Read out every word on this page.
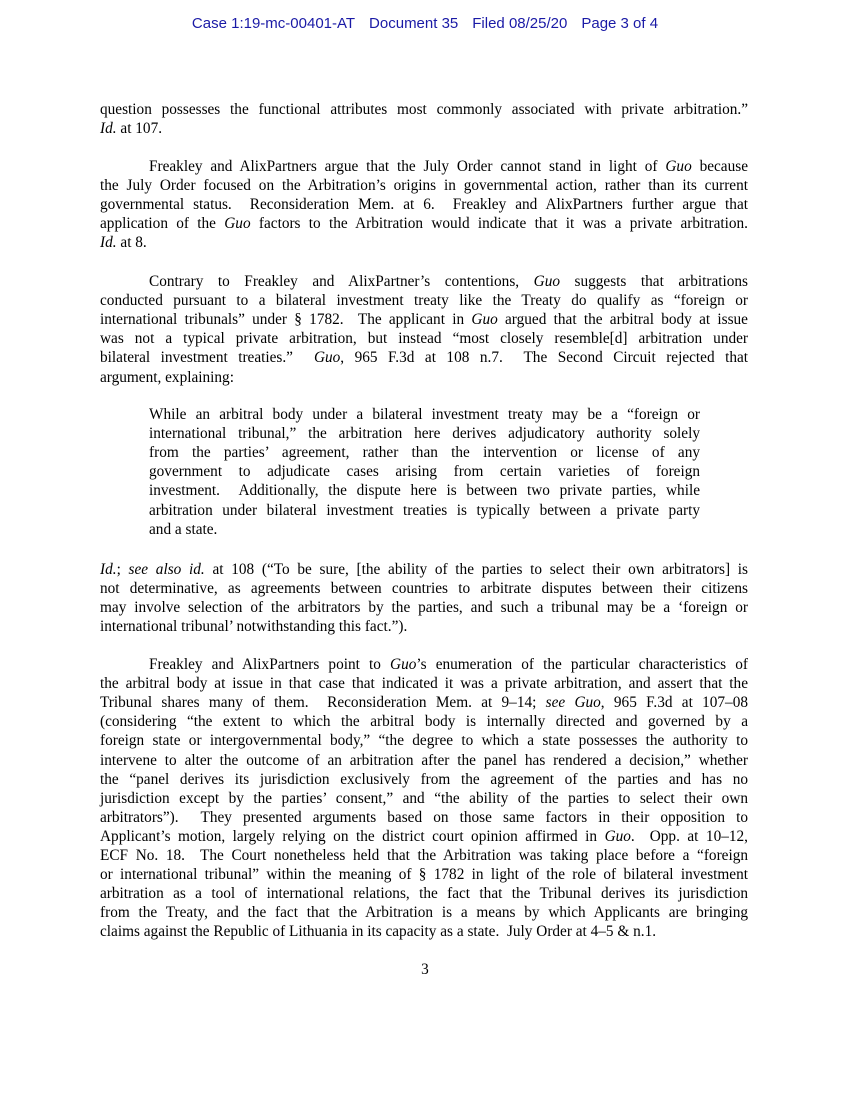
Case 1:19-mc-00401-AT Document 35 Filed 08/25/20 Page 3 of 4
question possesses the functional attributes most commonly associated with private arbitration.”
Id. at 107.
Freakley and AlixPartners argue that the July Order cannot stand in light of Guo because
the July Order focused on the Arbitration’s origins in governmental action, rather than its current
governmental status.  Reconsideration Mem. at 6.  Freakley and AlixPartners further argue that
application of the Guo factors to the Arbitration would indicate that it was a private arbitration.
Id. at 8.
Contrary to Freakley and AlixPartner’s contentions, Guo suggests that arbitrations
conducted pursuant to a bilateral investment treaty like the Treaty do qualify as “foreign or
international tribunals” under § 1782.  The applicant in Guo argued that the arbitral body at issue
was not a typical private arbitration, but instead “most closely resemble[d] arbitration under
bilateral investment treaties.”  Guo, 965 F.3d at 108 n.7.  The Second Circuit rejected that
argument, explaining:
While an arbitral body under a bilateral investment treaty may be a “foreign or
international tribunal,” the arbitration here derives adjudicatory authority solely
from the parties’ agreement, rather than the intervention or license of any
government to adjudicate cases arising from certain varieties of foreign
investment.  Additionally, the dispute here is between two private parties, while
arbitration under bilateral investment treaties is typically between a private party
and a state.
Id.; see also id. at 108 (“To be sure, [the ability of the parties to select their own arbitrators] is
not determinative, as agreements between countries to arbitrate disputes between their citizens
may involve selection of the arbitrators by the parties, and such a tribunal may be a ‘foreign or
international tribunal’ notwithstanding this fact.”).
Freakley and AlixPartners point to Guo’s enumeration of the particular characteristics of
the arbitral body at issue in that case that indicated it was a private arbitration, and assert that the
Tribunal shares many of them.  Reconsideration Mem. at 9–14; see Guo, 965 F.3d at 107–08
(considering “the extent to which the arbitral body is internally directed and governed by a
foreign state or intergovernmental body,” “the degree to which a state possesses the authority to
intervene to alter the outcome of an arbitration after the panel has rendered a decision,” whether
the “panel derives its jurisdiction exclusively from the agreement of the parties and has no
jurisdiction except by the parties’ consent,” and “the ability of the parties to select their own
arbitrators”).  They presented arguments based on those same factors in their opposition to
Applicant’s motion, largely relying on the district court opinion affirmed in Guo.  Opp. at 10–12,
ECF No. 18.  The Court nonetheless held that the Arbitration was taking place before a “foreign
or international tribunal” within the meaning of § 1782 in light of the role of bilateral investment
arbitration as a tool of international relations, the fact that the Tribunal derives its jurisdiction
from the Treaty, and the fact that the Arbitration is a means by which Applicants are bringing
claims against the Republic of Lithuania in its capacity as a state.  July Order at 4–5 & n.1.
3
